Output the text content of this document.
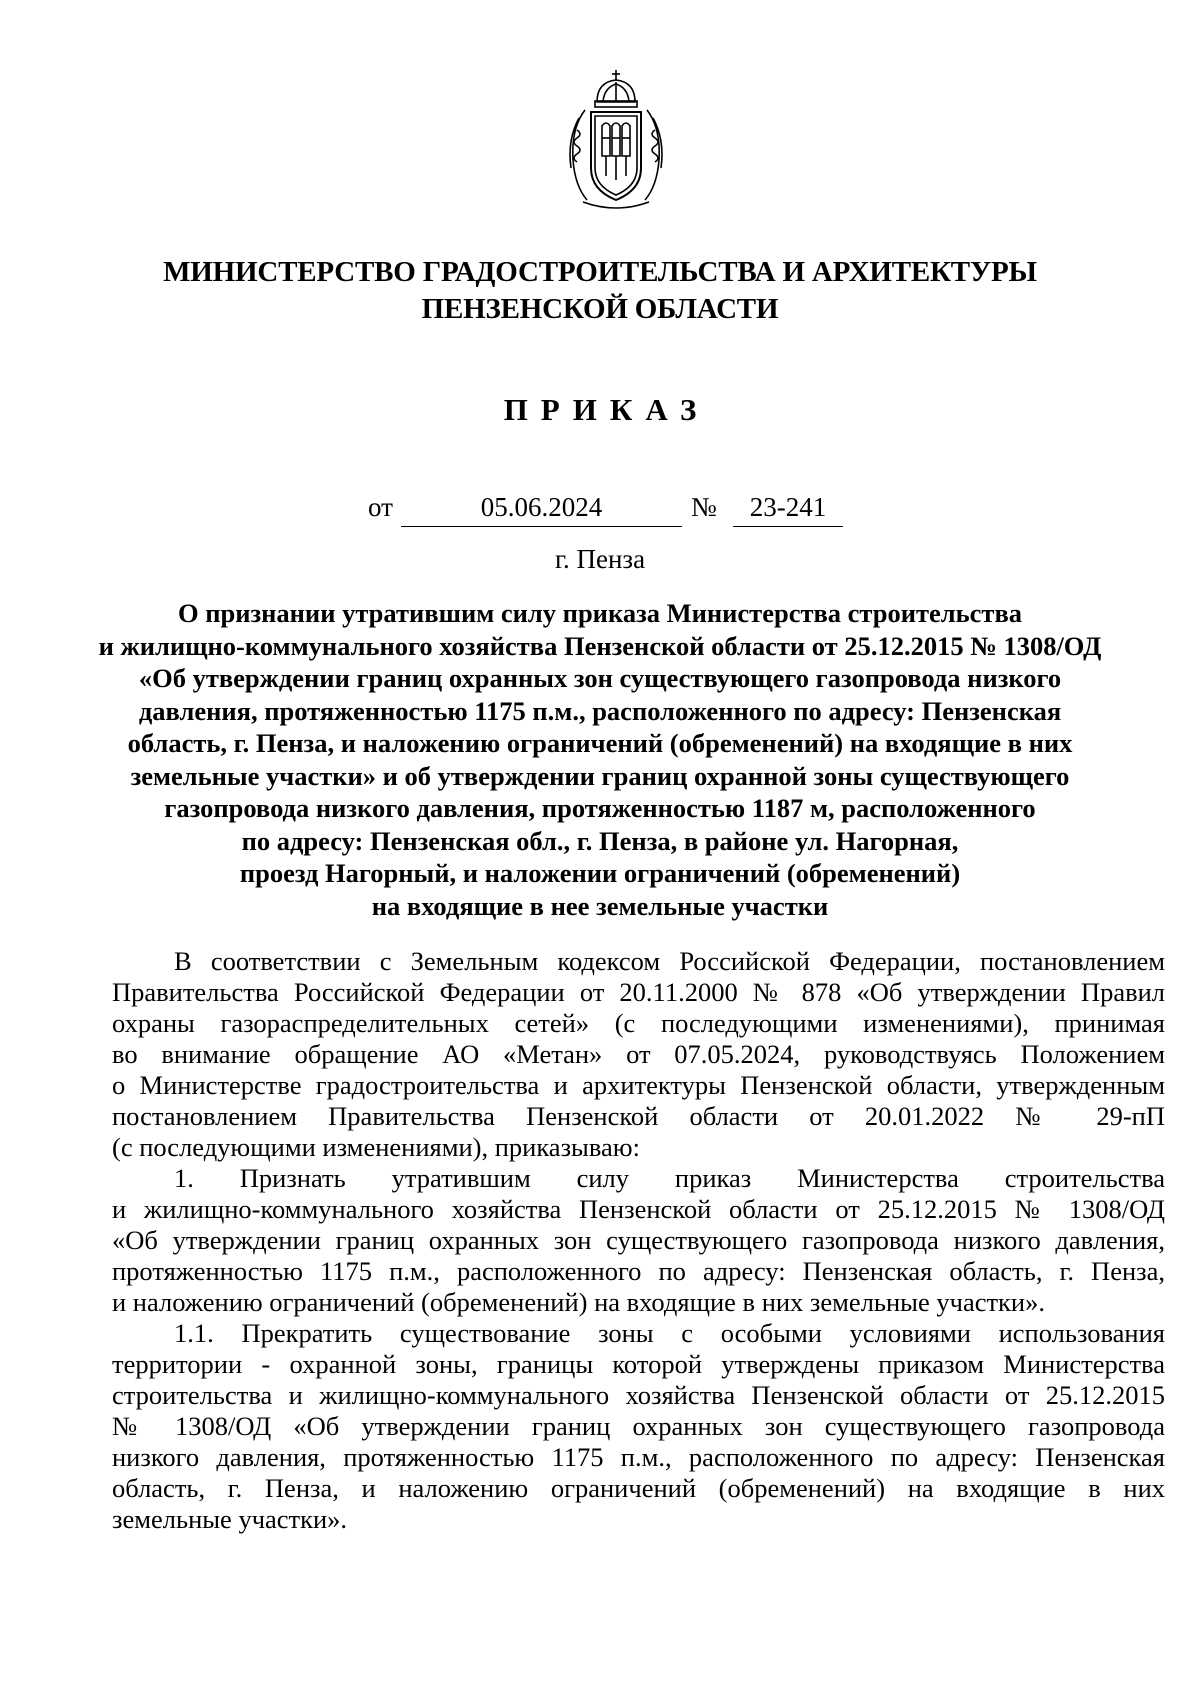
МИНИСТЕРСТВО ГРАДОСТРОИТЕЛЬСТВА И АРХИТЕКТУРЫ
ПЕНЗЕНСКОЙ ОБЛАСТИ
ПРИКАЗ
от	05.06.2024	№	23-241
г. Пенза
О признании утратившим силу приказа Министерства строительства
и жилищно-коммунального хозяйства Пензенской области от 25.12.2015 № 1308/ОД
«Об утверждении границ охранных зон существующего газопровода низкого
давления, протяженностью 1175 п.м., расположенного по адресу: Пензенская
область, г. Пенза, и наложению ограничений (обременений) на входящие в них
земельные участки» и об утверждении границ охранной зоны существующего
газопровода низкого давления, протяженностью 1187 м, расположенного
по адресу: Пензенская обл., г. Пенза, в районе ул. Нагорная,
проезд Нагорный, и наложении ограничений (обременений)
на входящие в нее земельные участки
В соответствии с Земельным кодексом Российской Федерации, постановлением
Правительства Российской Федерации от 20.11.2000 № 878 «Об утверждении Правил
охраны газораспределительных сетей» (с последующими изменениями), принимая
во внимание обращение АО «Метан» от 07.05.2024, руководствуясь Положением
о Министерстве градостроительства и архитектуры Пензенской области, утвержденным
постановлением Правительства Пензенской области от 20.01.2022 № 29-пП
(с последующими изменениями), приказываю:
1. Признать утратившим силу приказ Министерства строительства
и жилищно-коммунального хозяйства Пензенской области от 25.12.2015 № 1308/ОД
«Об утверждении границ охранных зон существующего газопровода низкого давления,
протяженностью 1175 п.м., расположенного по адресу: Пензенская область, г. Пенза,
и наложению ограничений (обременений) на входящие в них земельные участки».
1.1. Прекратить существование зоны с особыми условиями использования
территории - охранной зоны, границы которой утверждены приказом Министерства
строительства и жилищно-коммунального хозяйства Пензенской области от 25.12.2015
№ 1308/ОД «Об утверждении границ охранных зон существующего газопровода
низкого давления, протяженностью 1175 п.м., расположенного по адресу: Пензенская
область, г. Пенза, и наложению ограничений (обременений) на входящие в них
земельные участки».
